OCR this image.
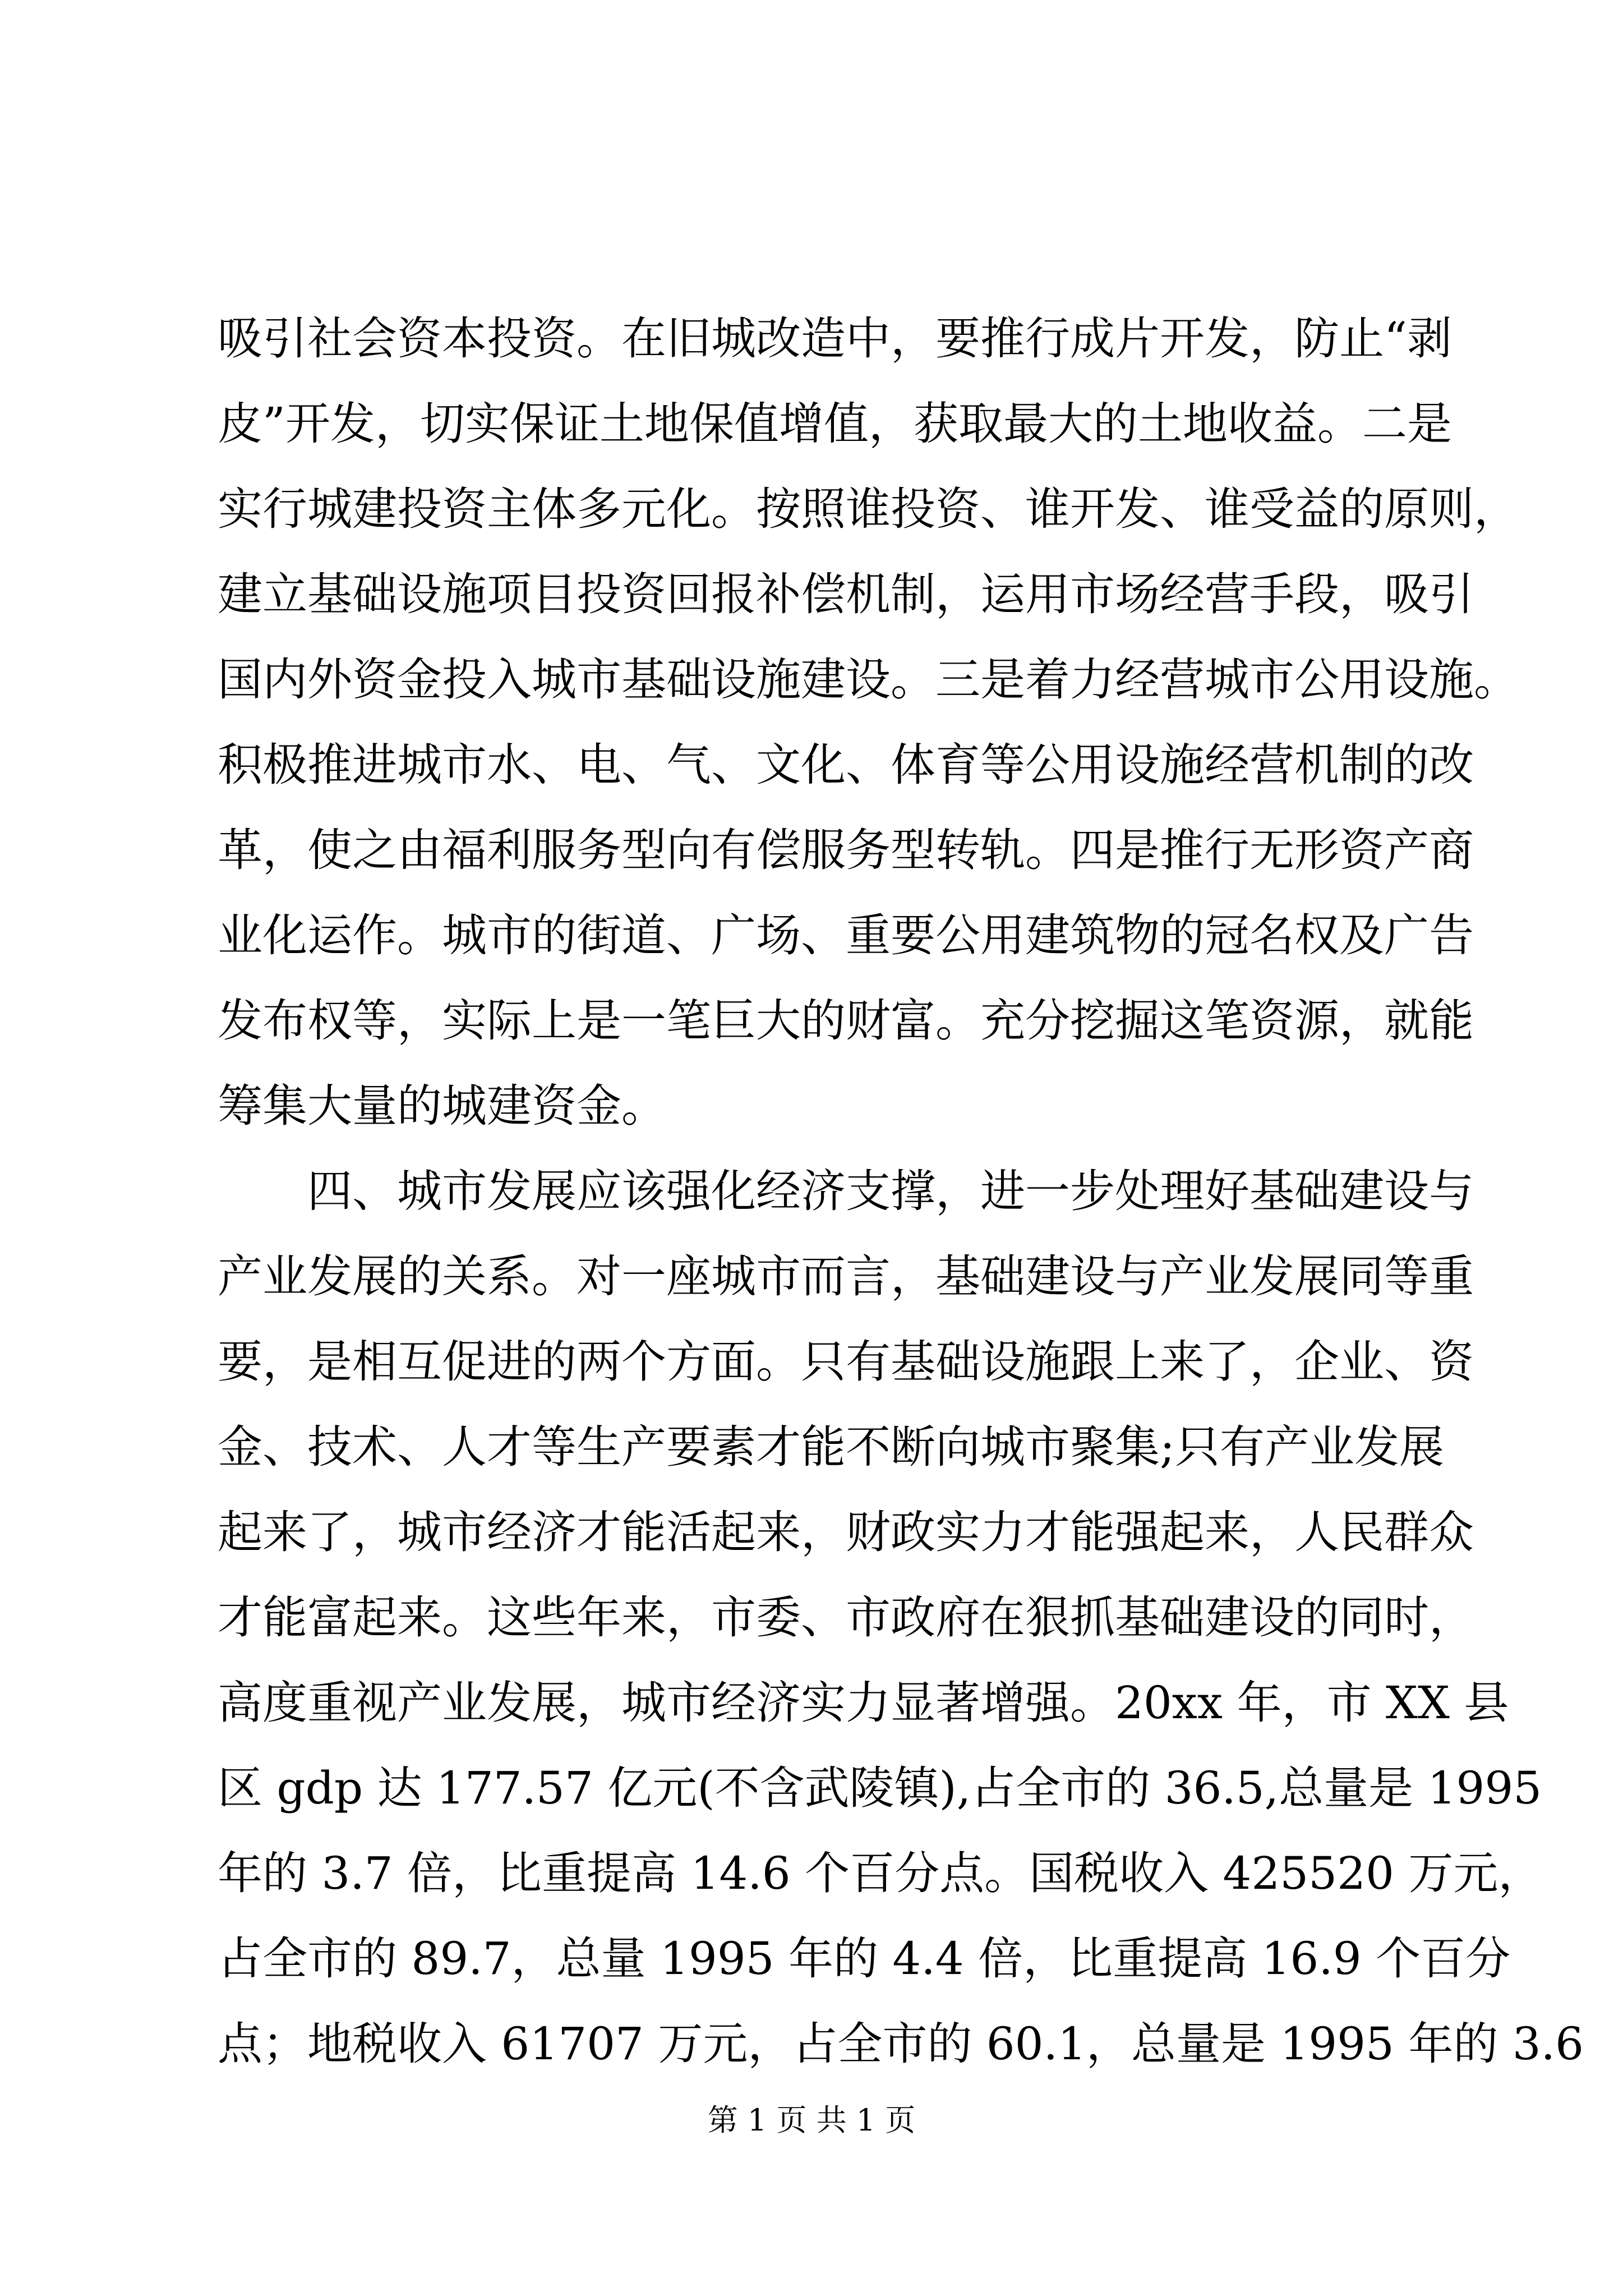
吸引社会资本投资。在旧城改造中，要推行成片开发，防止“剥
皮”开发，切实保证土地保值增值，获取最大的土地收益。二是
实行城建投资主体多元化。按照谁投资、谁开发、谁受益的原则，
建立基础设施项目投资回报补偿机制，运用市场经营手段，吸引
国内外资金投入城市基础设施建设。三是着力经营城市公用设施。
积极推进城市水、电、气、文化、体育等公用设施经营机制的改
革，使之由福利服务型向有偿服务型转轨。四是推行无形资产商
业化运作。城市的街道、广场、重要公用建筑物的冠名权及广告
发布权等，实际上是一笔巨大的财富。充分挖掘这笔资源，就能
筹集大量的城建资金。
　　四、城市发展应该强化经济支撑，进一步处理好基础建设与
产业发展的关系。对一座城市而言，基础建设与产业发展同等重
要，是相互促进的两个方面。只有基础设施跟上来了，企业、资
金、技术、人才等生产要素才能不断向城市聚集;只有产业发展
起来了，城市经济才能活起来，财政实力才能强起来，人民群众
才能富起来。这些年来，市委、市政府在狠抓基础建设的同时，
高度重视产业发展，城市经济实力显著增强。20xx 年，市 XX 县
区 gdp 达 177.57 亿元(不含武陵镇),占全市的 36.5,总量是 1995
年的 3.7 倍，比重提高 14.6 个百分点。国税收入 425520 万元，
占全市的 89.7，总量 1995 年的 4.4 倍，比重提高 16.9 个百分
点；地税收入 61707 万元，占全市的 60.1，总量是 1995 年的 3.6
第 1 页 共 1 页
